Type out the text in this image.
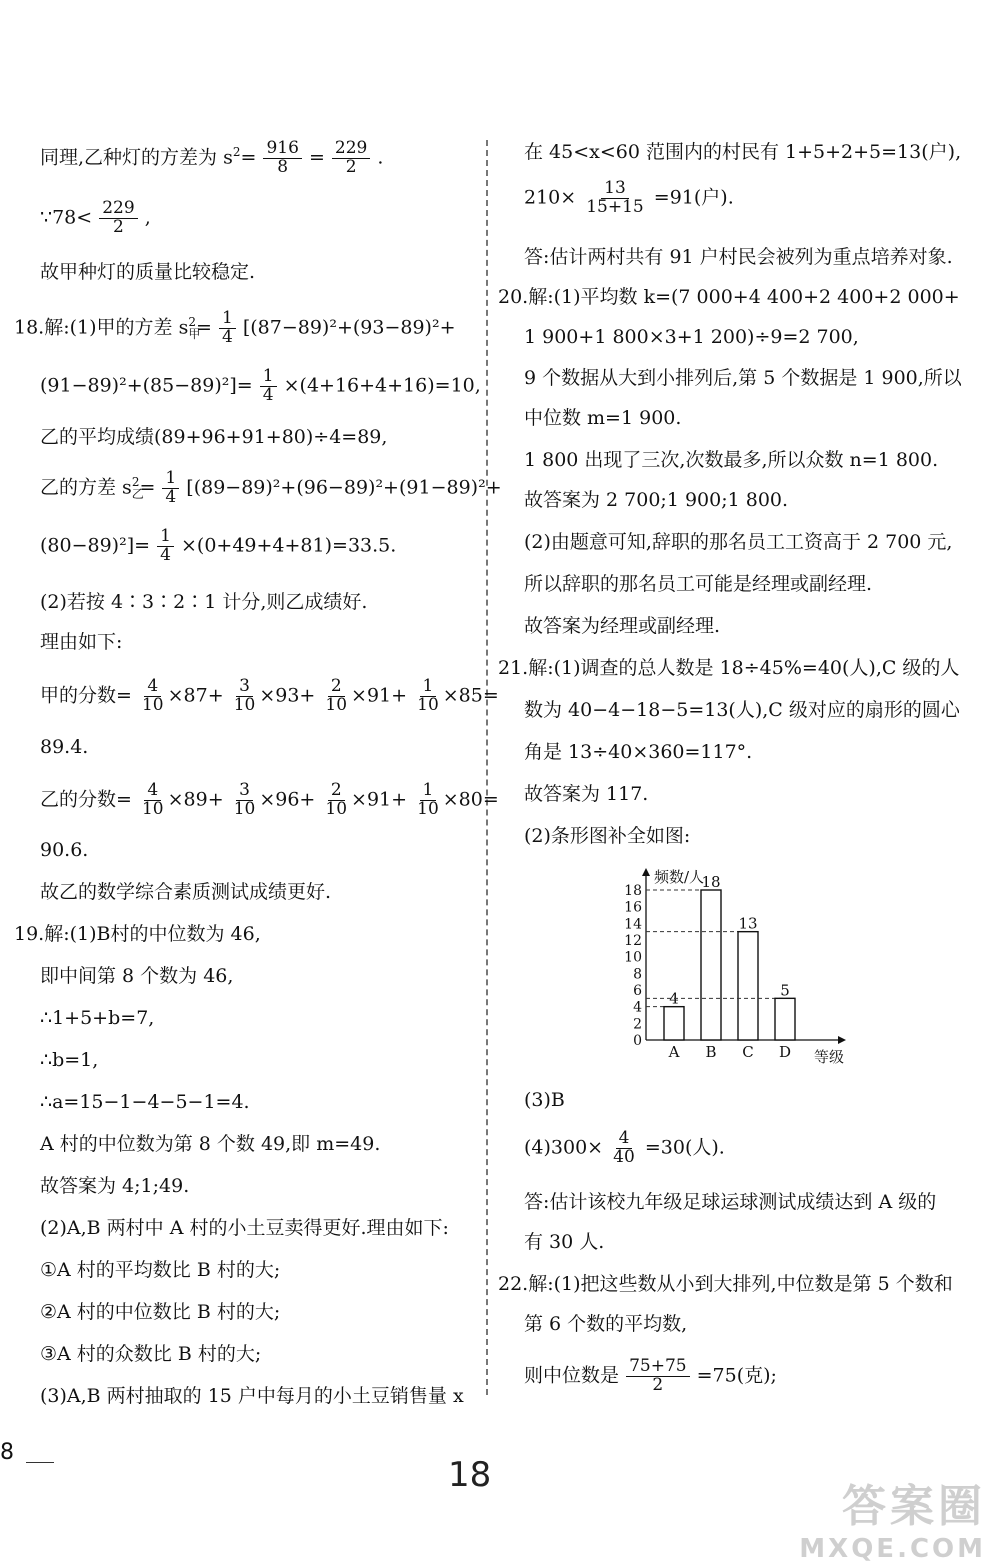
同理,乙种灯的方差为 $s^2= \frac{916}{8} = \frac{229}{2}$ .
∵78< $\frac{229}{2}$ ,
故甲种灯的质量比较稳定.
18.解:(1)甲的方差 $s_甲^2= \frac{1}{4} [(87-89)^2+(93-89)^2+$
$(91-89)^2+(85-89)^2]= \frac{1}{4} \times(4+16+4+16)=10$,
乙的平均成绩(89+96+91+80)÷4=89,
乙的方差 $s_乙^2= \frac{1}{4} [(89-89)^2+(96-89)^2+(91-89)^2+$
$(80-89)^2]= \frac{1}{4} \times(0+49+4+81)=33.5$.
(2)若按 4∶3∶2∶1 计分,则乙成绩好.
理由如下:
甲的分数= $\frac{4}{10} \times 87+ \frac{3}{10} \times 93+ \frac{2}{10} \times 91+ \frac{1}{10} \times 85=$
89.4.
乙的分数= $\frac{4}{10} \times 89+ \frac{3}{10} \times 96+ \frac{2}{10} \times 91+ \frac{1}{10} \times 80=$
90.6.
故乙的数学综合素质测试成绩更好.
19.解:(1)B村的中位数为 46,
即中间第 8 个数为 46,
∴1+5+b=7,
∴b=1,
∴a=15−1−4−5−1=4.
A 村的中位数为第 8 个数 49,即 m=49.
故答案为 4;1;49.
(2)A,B 两村中 A 村的小土豆卖得更好.理由如下:
①A 村的平均数比 B 村的大;
②A 村的中位数比 B 村的大;
③A 村的众数比 B 村的大;
(3)A,B 两村抽取的 15 户中每月的小土豆销售量 x
在 45<x<60 范围内的村民有 1+5+2+5=13(户),
$210\times \frac{13}{15+15} =91$(户).
答:估计两村共有 91 户村民会被列为重点培养对象.
20.解:(1)平均数 k=(7 000+4 400+2 400+2 000+
1 900+1 800×3+1 200)÷9=2 700,
9 个数据从大到小排列后,第 5 个数据是 1 900,所以
中位数 m=1 900.
1 800 出现了三次,次数最多,所以众数 n=1 800.
故答案为 2 700;1 900;1 800.
(2)由题意可知,辞职的那名员工工资高于 2 700 元,
所以辞职的那名员工可能是经理或副经理.
故答案为经理或副经理.
21.解:(1)调查的总人数是 18÷45%=40(人),C 级的人
数为 40−4−18−5=13(人),C 级对应的扇形的圆心
角是 13÷40×360=117°.
故答案为 117.
(2)条形图补全如图:
频数/人
等级
0
2
4
6
8
10
12
14
16
18
4
A
18
B
13
C
5
D
(3)B
$(4)300\times \frac{4}{40} =30$(人).
答:估计该校九年级足球运球测试成绩达到 A 级的
有 30 人.
22.解:(1)把这些数从小到大排列,中位数是第 5 个数和
第 6 个数的平均数,
则中位数是 $\frac{75+75}{2} =75$(克);
8
18
答案圈
MXQE.COM
